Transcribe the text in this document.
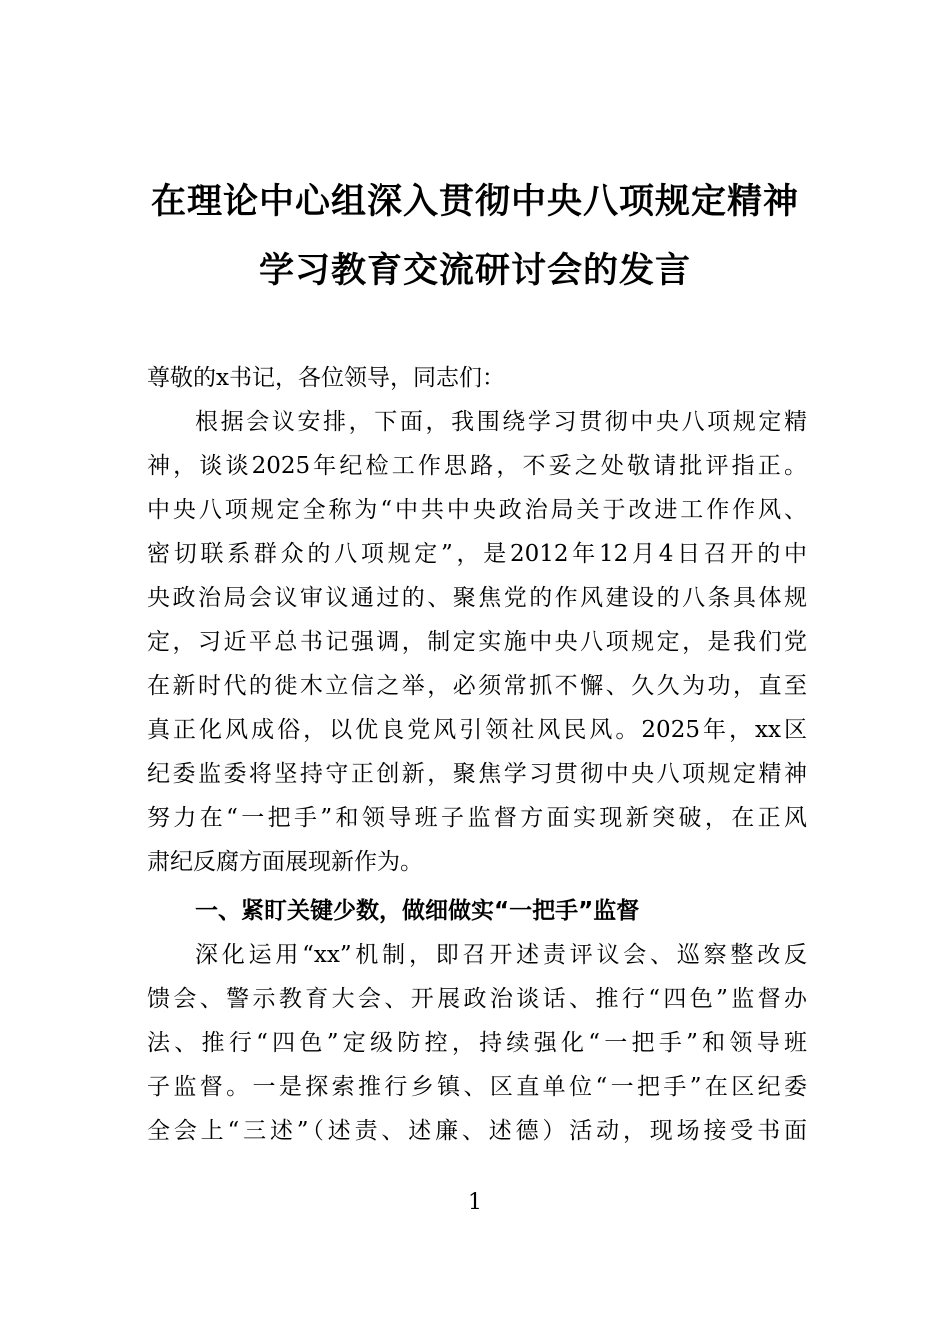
在理论中心组深入贯彻中央八项规定精神
学习教育交流研讨会的发言
尊敬的x书记，各位领导，同志们：
根据会议安排，下面，我围绕学习贯彻中央八项规定精
神，谈谈2025年纪检工作思路，不妥之处敬请批评指正。
中央八项规定全称为“中共中央政治局关于改进工作作风、
密切联系群众的八项规定”，是2012年12月4日召开的中
央政治局会议审议通过的、聚焦党的作风建设的八条具体规
定，习近平总书记强调，制定实施中央八项规定，是我们党
在新时代的徙木立信之举，必须常抓不懈、久久为功，直至
真正化风成俗，以优良党风引领社风民风。2025年，xx区
纪委监委将坚持守正创新，聚焦学习贯彻中央八项规定精神
努力在“一把手”和领导班子监督方面实现新突破，在正风
肃纪反腐方面展现新作为。
一、紧盯关键少数，做细做实“一把手”监督
深化运用“xx”机制，即召开述责评议会、巡察整改反
馈会、警示教育大会、开展政治谈话、推行“四色”监督办
法、推行“四色”定级防控，持续强化“一把手”和领导班
子监督。一是探索推行乡镇、区直单位“一把手”在区纪委
全会上“三述”（述责、述廉、述德）活动，现场接受书面
1
